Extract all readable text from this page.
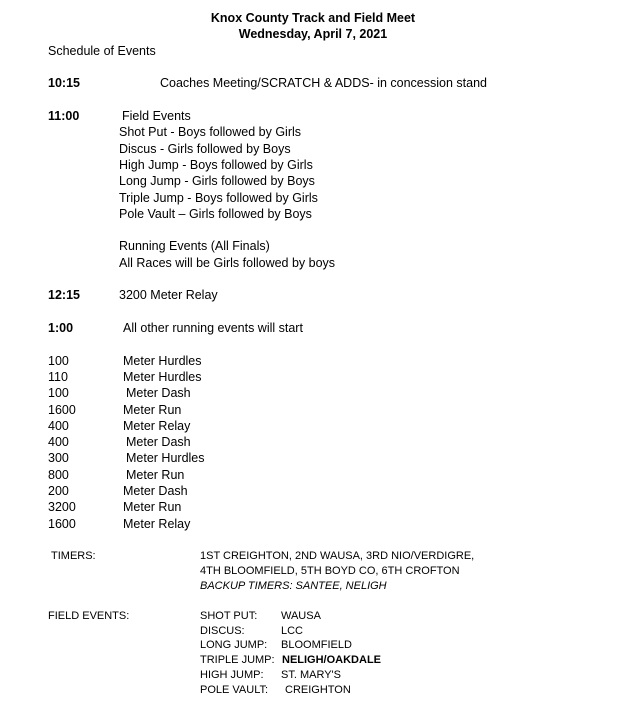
Knox County Track and Field Meet
Wednesday, April 7, 2021
Schedule of Events
10:15	Coaches Meeting/SCRATCH & ADDS- in concession stand
11:00	Field Events
Shot Put - Boys followed by Girls
Discus - Girls followed by Boys
High Jump - Boys followed by Girls
Long Jump - Girls followed by Boys
Triple Jump - Boys followed by Girls
Pole Vault – Girls followed by Boys
Running Events (All Finals)
All Races will be Girls followed by boys
12:15	3200 Meter Relay
1:00	All other running events will start
100	Meter Hurdles
110	Meter Hurdles
100	Meter Dash
1600	Meter Run
400	Meter Relay
400	Meter Dash
300	Meter Hurdles
800	Meter Run
200	Meter Dash
3200	Meter Run
1600	Meter Relay
TIMERS:	1ST CREIGHTON, 2ND WAUSA, 3RD NIO/VERDIGRE,
4TH BLOOMFIELD, 5TH BOYD CO, 6TH CROFTON
BACKUP TIMERS: SANTEE, NELIGH
FIELD EVENTS:	SHOT PUT: WAUSA
DISCUS:	LCC
LONG JUMP: BLOOMFIELD
TRIPLE JUMP: NELIGH/OAKDALE
HIGH JUMP: ST. MARY'S
POLE VAULT: CREIGHTON
